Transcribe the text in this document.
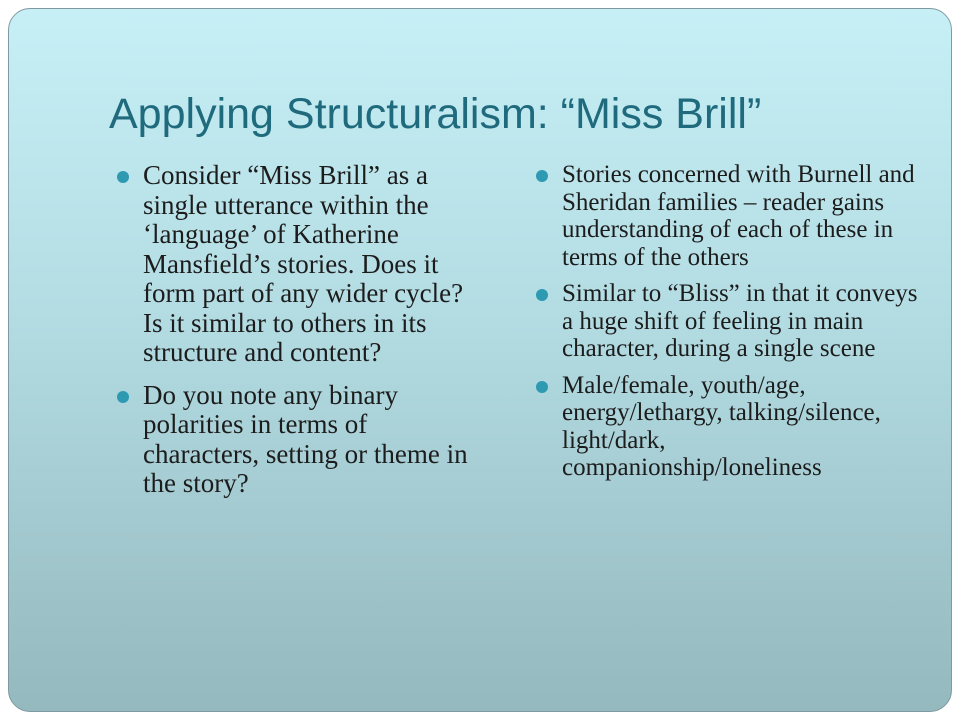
Applying Structuralism: “Miss Brill”
Consider “Miss Brill” as a single utterance within the ‘language’ of Katherine Mansfield’s stories. Does it form part of any wider cycle? Is it similar to others in its structure and content?
Do you note any binary polarities in terms of characters, setting or theme in the story?
Stories concerned with Burnell and Sheridan families – reader gains understanding of each of these in terms of the others
Similar to “Bliss” in that it conveys a huge shift of feeling in main character, during a single scene
Male/female, youth/age, energy/lethargy, talking/silence, light/dark, companionship/loneliness
